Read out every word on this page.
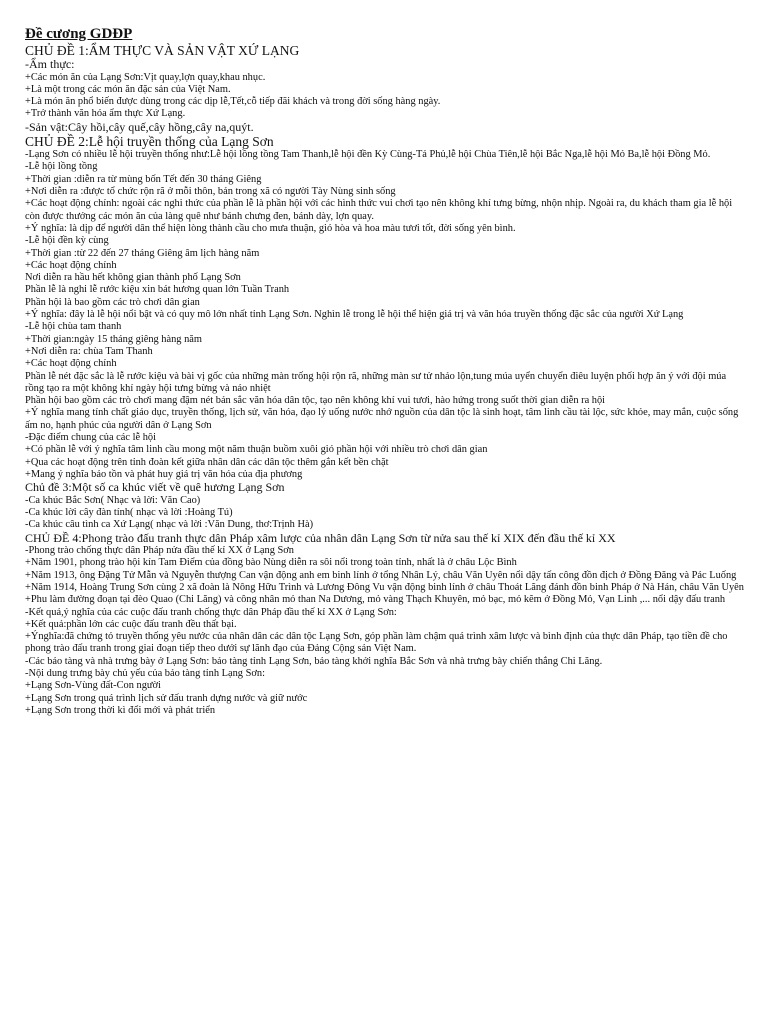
Đề cương GDĐP
CHỦ ĐỀ 1:ẨM THỰC VÀ SẢN VẬT XỨ LẠNG
-Ẩm thực:
+Các món ăn của Lạng Sơn:Vịt quay,lợn quay,khau nhục.
+Là một trong các món ăn đặc sản của Việt Nam.
+Là món ăn phổ biến được dùng trong các dịp lễ,Tết,cỗ tiếp đãi khách và trong đời sống hàng ngày.
+Trở thành văn hóa ẩm thực Xứ Lạng.
-Sản vật:Cây hồi,cây quế,cây hồng,cây na,quýt.
CHỦ ĐỀ 2:Lễ hội truyền thống của Lạng Sơn
-Lạng Sơn có nhiều lễ hội truyền thống như:Lễ hội lồng tồng Tam Thanh,lễ hội đền Kỳ Cùng-Tả Phủ,lễ hội Chùa Tiên,lễ hội Bắc Nga,lễ hội Mỏ Ba,lễ hội Đồng Mỏ.
-Lễ hội lồng tồng
+Thời gian :diễn ra từ mùng bốn Tết đến 30 tháng Giêng
+Nơi diễn ra :được tổ chức rộn rã ở mỗi thôn, bản trong xã có người Tày Nùng sinh sống
+Các hoạt động chính: ngoài các nghi thức của phần lễ là phần hội với các hình thức vui chơi tạo nên không khí tưng bừng, nhộn nhịp. Ngoài ra, du khách tham gia lễ hội còn được thưởng các món ăn của làng quê như bánh chưng đen, bánh dày, lợn quay.
+Ý nghĩa: là dịp để người dân thể hiện lòng thành cầu cho mưa thuận, gió hòa và hoa màu tươi tốt, đời sống yên bình.
-Lễ hội đền kỳ cùng
+Thời gian :từ 22 đến 27 tháng Giêng âm lịch hàng năm
+Các hoạt động chính
Nơi diễn ra hầu hết không gian thành phố Lạng Sơn
Phần lễ là nghi lễ rước kiệu xin bát hương quan lớn Tuần Tranh
Phần hội là bao gồm các trò chơi dân gian
+Ý nghĩa: đây là lễ hội nổi bật và có quy mô lớn nhất tỉnh Lạng Sơn. Nghìn lễ trong lễ hội thể hiện giá trị và văn hóa truyền thống đặc sắc của người Xứ Lạng
-Lễ hội chùa tam thanh
+Thời gian:ngày 15 tháng giêng hàng năm
+Nơi diễn ra: chùa Tam Thanh
+Các hoạt động chính
Phần lễ nét đặc sắc là lễ rước kiệu và bài vị gốc của những màn trống hội rộn rã, những màn sư tử nhảo lộn,tung múa uyển chuyển điêu luyện phối hợp ăn ý với đội múa rồng tạo ra một không khí ngày hội tưng bừng và náo nhiệt
Phần hội bao gồm các trò chơi mang đậm nét bản sắc văn hóa dân tộc, tạo nên không khí vui tươi, hào hứng trong suốt thời gian diễn ra hội
+Ý nghĩa mang tính chất giáo dục, truyền thống, lịch sử, văn hóa, đạo lý uống nước nhớ nguồn của dân tộc là sinh hoạt, tâm linh cầu tài lộc, sức khỏe, may mắn, cuộc sống ấm no, hạnh phúc của người dân ở Lạng Sơn
-Đặc điểm chung của các lễ hội
+Có phần lễ với ý nghĩa tâm linh cầu mong một năm thuận buồm xuôi gió phần hội với nhiều trò chơi dân gian
+Qua các hoạt động trên tỉnh đoàn kết giữa nhân dân các dân tộc thêm gắn kết bền chặt
+Mang ý nghĩa bảo tồn và phát huy giá trị văn hóa của địa phương
Chủ đề 3:Một số ca khúc viết về quê hương Lạng Sơn
-Ca khúc Bắc Sơn( Nhạc và lời: Văn Cao)
-Ca khúc lời cây đàn tính( nhạc và lời :Hoàng Tú)
-Ca khúc câu tình ca Xứ Lạng( nhạc và lời :Văn Dung, thơ:Trịnh Hà)
CHỦ ĐỀ 4:Phong trào đấu tranh thực dân Pháp xâm lược của nhân dân Lạng Sơn từ nửa sau thế kỉ XIX đến đầu thế kỉ XX
-Phong trào chống thực dân Pháp nửa đầu thế kỉ XX ở Lạng Sơn
+Năm 1901, phong trào hội kín Tam Điểm của đồng bào Nùng diễn ra sôi nổi trong toàn tỉnh, nhất là ở châu Lộc Bình
+Năm 1913, ông Đặng Tử Mẫn và Nguyễn thượng Can vận động anh em binh lính ở tổng Nhân Lý, châu Văn Uyên nổi dậy tấn công đồn địch ở Đồng Đăng và Pác Luống
+Năm 1914, Hoàng Trung Sơn cùng 2 xã đoàn là Nông Hữu Trình và Lương Đông Vu vận động binh lính ở châu Thoát Lãng đánh đồn binh Pháp ở Nà Hán, châu Văn Uyên
+Phu làm đường đoạn tại đèo Quao (Chi Lăng) và công nhân mỏ than Na Dương, mỏ vàng Thạch Khuyên, mỏ bạc, mỏ kẽm ở Đồng Mỏ, Vạn Linh ,... nổi dậy đấu tranh
-Kết quả,ý nghĩa của các cuộc đấu tranh chống thực dân Pháp đầu thế kỉ XX ở Lạng Sơn:
+Kết quả:phần lớn các cuộc đấu tranh đều thất bại.
+Ýnghĩa:đã chứng tỏ truyền thống yêu nước của nhân dân các dân tộc Lạng Sơn, góp phần làm chậm quá trình xâm lược và bình định của thực dân Pháp, tạo tiền đề cho phong trào đấu tranh trong giai đoạn tiếp theo dưới sự lãnh đạo của Đảng Cộng sản Việt Nam.
-Các bảo tàng và nhà trưng bày ở Lạng Sơn: bảo tàng tỉnh Lạng Sơn, bảo tàng khởi nghĩa Bắc Sơn và nhà trưng bày chiến thắng Chi Lăng.
-Nội dung trưng bày chủ yếu của bảo tàng tỉnh Lạng Sơn:
+Lạng Sơn-Vùng đất-Con người
+Lạng Sơn trong quá trình lịch sử đấu tranh dựng nước và giữ nước
+Lạng Sơn trong thời kì đổi mới và phát triển
